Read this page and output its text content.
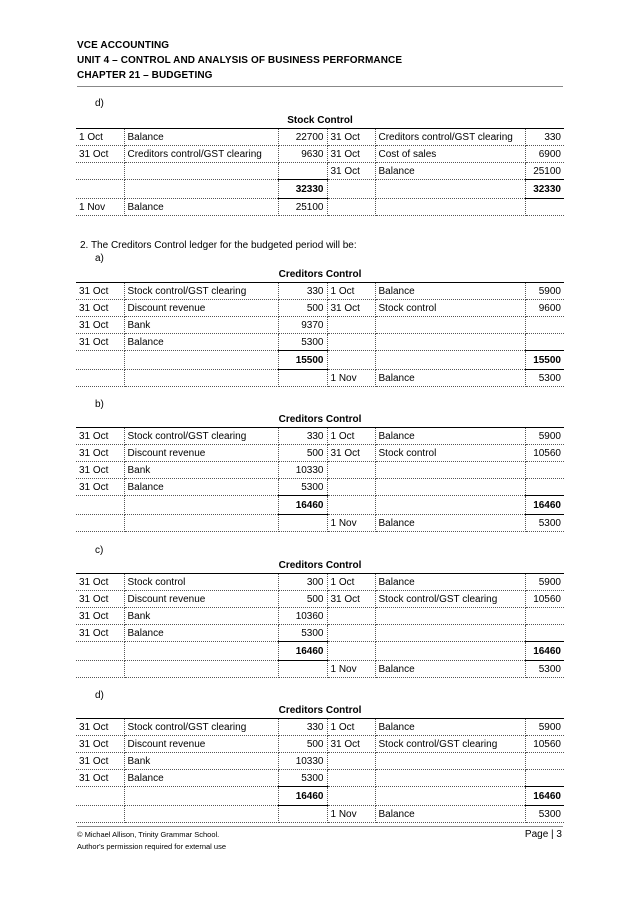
VCE ACCOUNTING
UNIT 4 – CONTROL AND ANALYSIS OF BUSINESS PERFORMANCE
CHAPTER 21 – BUDGETING
d)
Stock Control
1 Oct	Balance	22700	31 Oct	Creditors control/GST clearing	330
31 Oct	Creditors control/GST clearing	9630	31 Oct	Cost of sales	6900
			31 Oct	Balance	25100
		32330			32330
1 Nov	Balance	25100			
2. The Creditors Control ledger for the budgeted period will be:
a)
Creditors Control
31 Oct	Stock control/GST clearing	330	1 Oct	Balance	5900
31 Oct	Discount revenue	500	31 Oct	Stock control	9600
31 Oct	Bank	9370			
31 Oct	Balance	5300			
		15500			15500
			1 Nov	Balance	5300
b)
Creditors Control
31 Oct	Stock control/GST clearing	330	1 Oct	Balance	5900
31 Oct	Discount revenue	500	31 Oct	Stock control	10560
31 Oct	Bank	10330			
31 Oct	Balance	5300			
		16460			16460
			1 Nov	Balance	5300
c)
Creditors Control
31 Oct	Stock control	300	1 Oct	Balance	5900
31 Oct	Discount revenue	500	31 Oct	Stock control/GST clearing	10560
31 Oct	Bank	10360			
31 Oct	Balance	5300			
		16460			16460
			1 Nov	Balance	5300
d)
Creditors Control
31 Oct	Stock control/GST clearing	330	1 Oct	Balance	5900
31 Oct	Discount revenue	500	31 Oct	Stock control/GST clearing	10560
31 Oct	Bank	10330			
31 Oct	Balance	5300			
		16460			16460
			1 Nov	Balance	5300
© Michael Allison, Trinity Grammar School.
Author's permission required for external use
Page | 3
